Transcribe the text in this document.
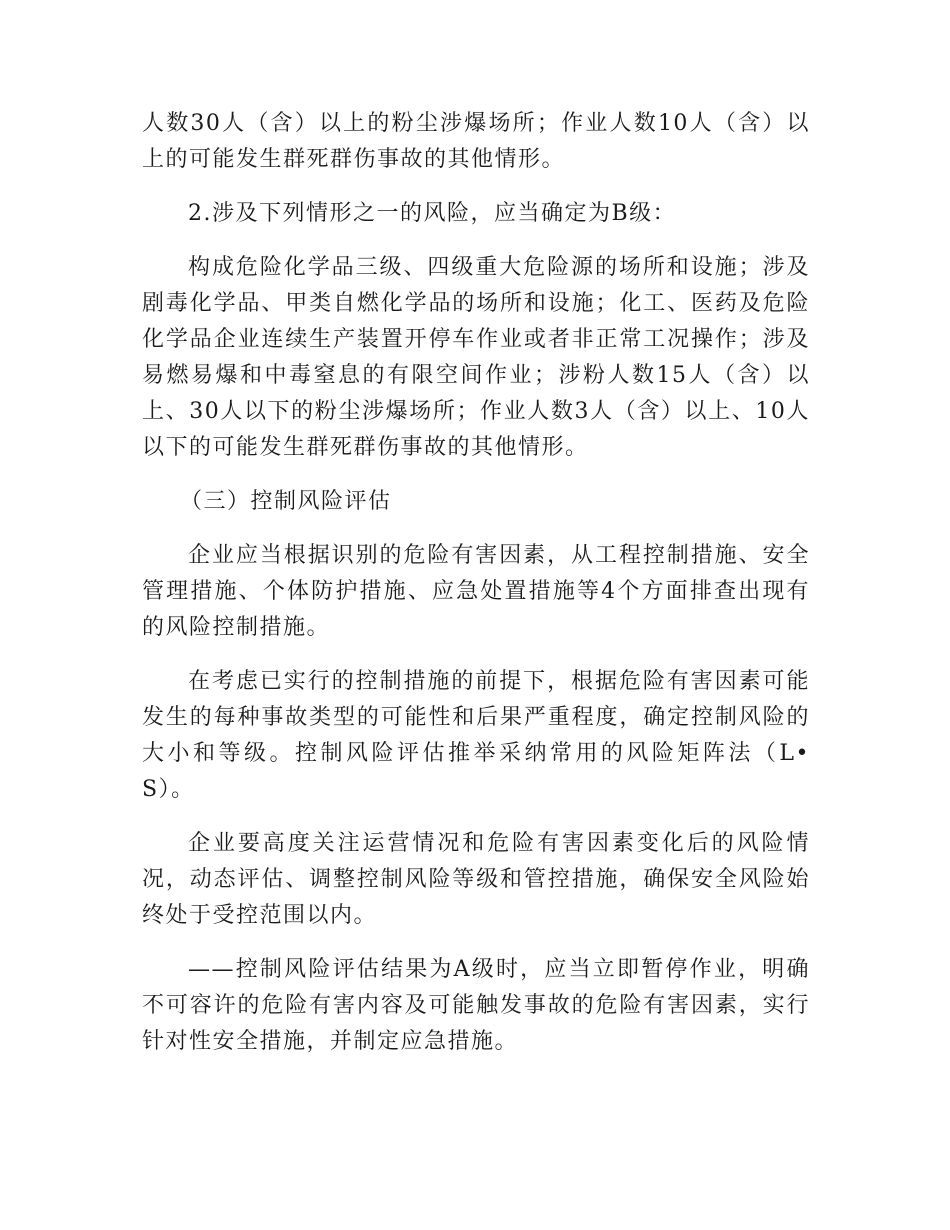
人数30人（含）以上的粉尘涉爆场所；作业人数10人（含）以上的可能发生群死群伤事故的其他情形。

2.涉及下列情形之一的风险，应当确定为B级：

构成危险化学品三级、四级重大危险源的场所和设施；涉及剧毒化学品、甲类自燃化学品的场所和设施；化工、医药及危险化学品企业连续生产装置开停车作业或者非正常工况操作；涉及易燃易爆和中毒窒息的有限空间作业；涉粉人数15人（含）以上、30人以下的粉尘涉爆场所；作业人数3人（含）以上、10人以下的可能发生群死群伤事故的其他情形。

（三）控制风险评估

企业应当根据识别的危险有害因素，从工程控制措施、安全管理措施、个体防护措施、应急处置措施等4个方面排查出现有的风险控制措施。

在考虑已实行的控制措施的前提下，根据危险有害因素可能发生的每种事故类型的可能性和后果严重程度，确定控制风险的大小和等级。控制风险评估推举采纳常用的风险矩阵法（L•S）。

企业要高度关注运营情况和危险有害因素变化后的风险情况，动态评估、调整控制风险等级和管控措施，确保安全风险始终处于受控范围以内。

——控制风险评估结果为A级时，应当立即暂停作业，明确不可容许的危险有害内容及可能触发事故的危险有害因素，实行针对性安全措施，并制定应急措施。
